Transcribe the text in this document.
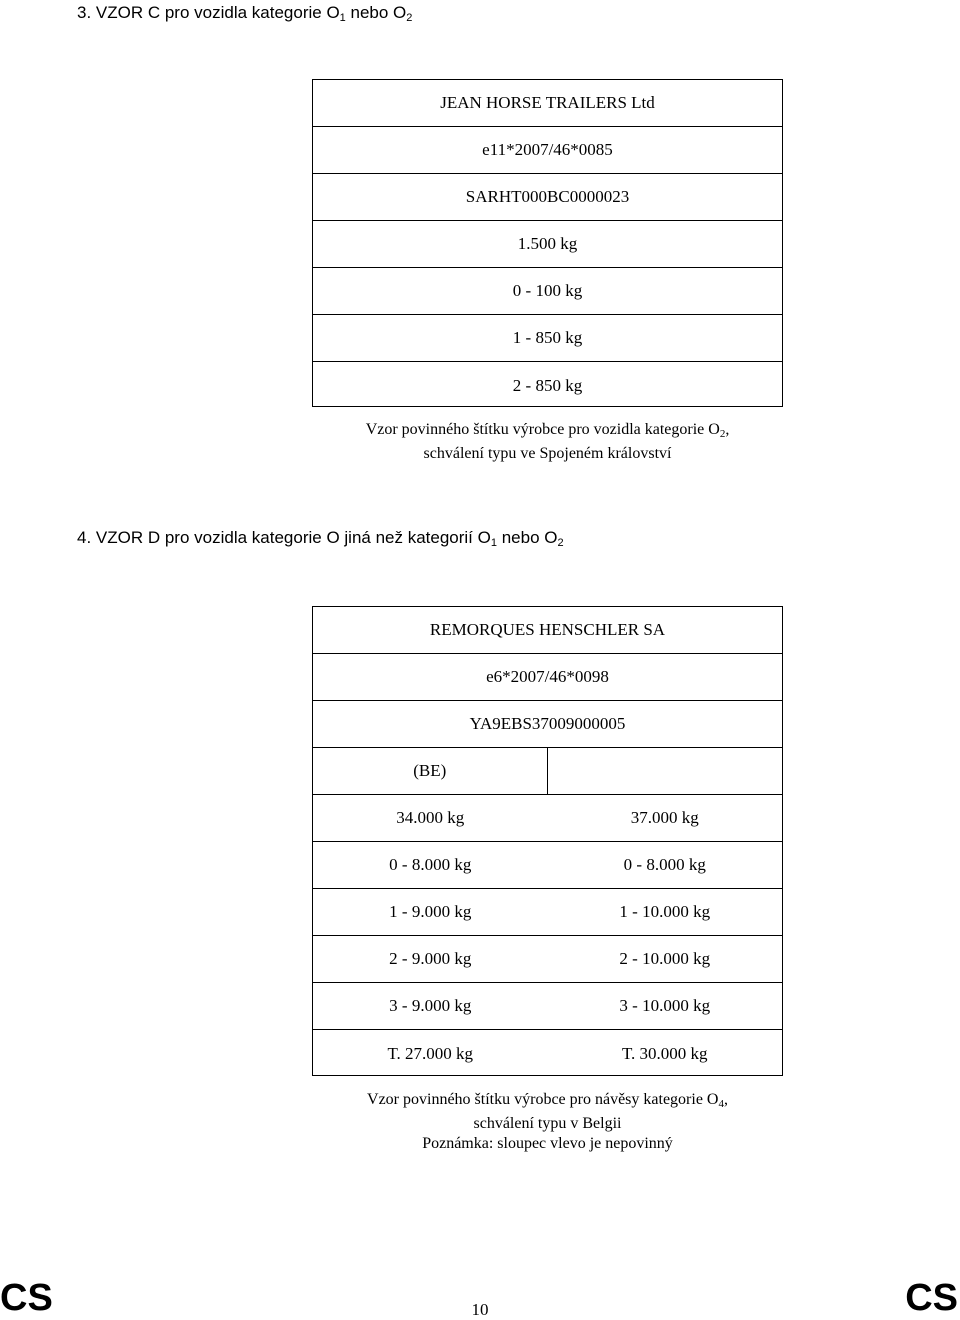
3. VZOR C pro vozidla kategorie $O_1$ nebo $O_2$
JEAN HORSE TRAILERS Ltd
e11*2007/46*0085
SARHT000BC0000023
1.500 kg
0 - 100 kg
1 - 850 kg
2 - 850 kg
Vzor povinného štítku výrobce pro vozidla kategorie $O_2$,
schválení typu ve Spojeném království
4. VZOR D pro vozidla kategorie O jiná než kategorií $O_1$ nebo $O_2$
REMORQUES HENSCHLER SA
e6*2007/46*0098
YA9EBS37009000005
(BE)
34.000 kg	37.000 kg
0 - 8.000 kg	0 - 8.000 kg
1 - 9.000 kg	1 - 10.000 kg
2 - 9.000 kg	2 - 10.000 kg
3 - 9.000 kg	3 - 10.000 kg
T. 27.000 kg	T. 30.000 kg
Vzor povinného štítku výrobce pro návěsy kategorie $O_4$,
schválení typu v Belgii
Poznámka: sloupec vlevo je nepovinný
CS	10	CS
